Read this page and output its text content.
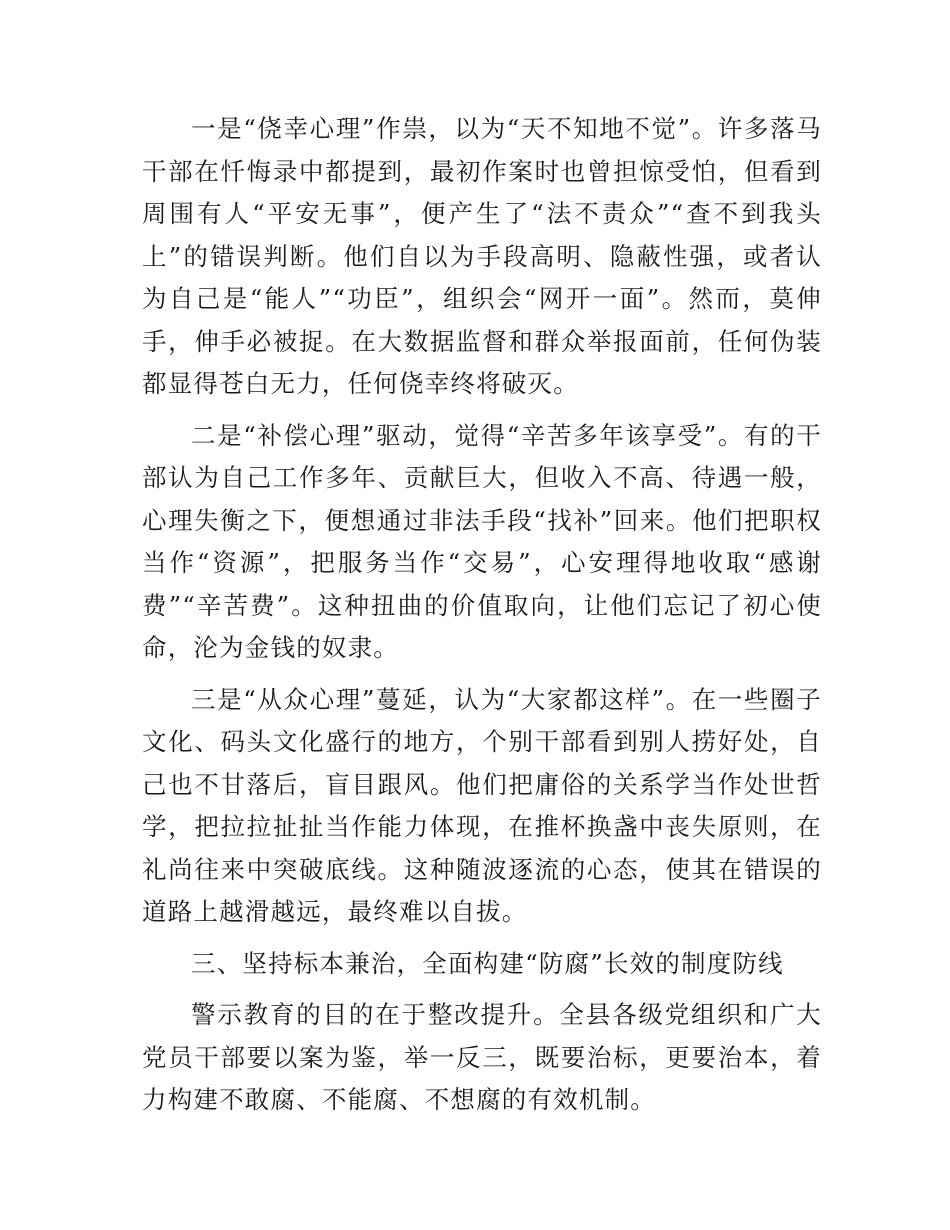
一是“侥幸心理”作祟，以为“天不知地不觉”。许多落马干部在忏悔录中都提到，最初作案时也曾担惊受怕，但看到周围有人“平安无事”，便产生了“法不责众”“查不到我头上”的错误判断。他们自以为手段高明、隐蔽性强，或者认为自己是“能人”“功臣”，组织会“网开一面”。然而，莫伸手，伸手必被捉。在大数据监督和群众举报面前，任何伪装都显得苍白无力，任何侥幸终将破灭。

二是“补偿心理”驱动，觉得“辛苦多年该享受”。有的干部认为自己工作多年、贡献巨大，但收入不高、待遇一般，心理失衡之下，便想通过非法手段“找补”回来。他们把职权当作“资源”，把服务当作“交易”，心安理得地收取“感谢费”“辛苦费”。这种扭曲的价值取向，让他们忘记了初心使命，沦为金钱的奴隶。

三是“从众心理”蔓延，认为“大家都这样”。在一些圈子文化、码头文化盛行的地方，个别干部看到别人捞好处，自己也不甘落后，盲目跟风。他们把庸俗的关系学当作处世哲学，把拉拉扯扯当作能力体现，在推杯换盏中丧失原则，在礼尚往来中突破底线。这种随波逐流的心态，使其在错误的道路上越滑越远，最终难以自拔。

三、坚持标本兼治，全面构建“防腐”长效的制度防线

警示教育的目的在于整改提升。全县各级党组织和广大党员干部要以案为鉴，举一反三，既要治标，更要治本，着力构建不敢腐、不能腐、不想腐的有效机制。
